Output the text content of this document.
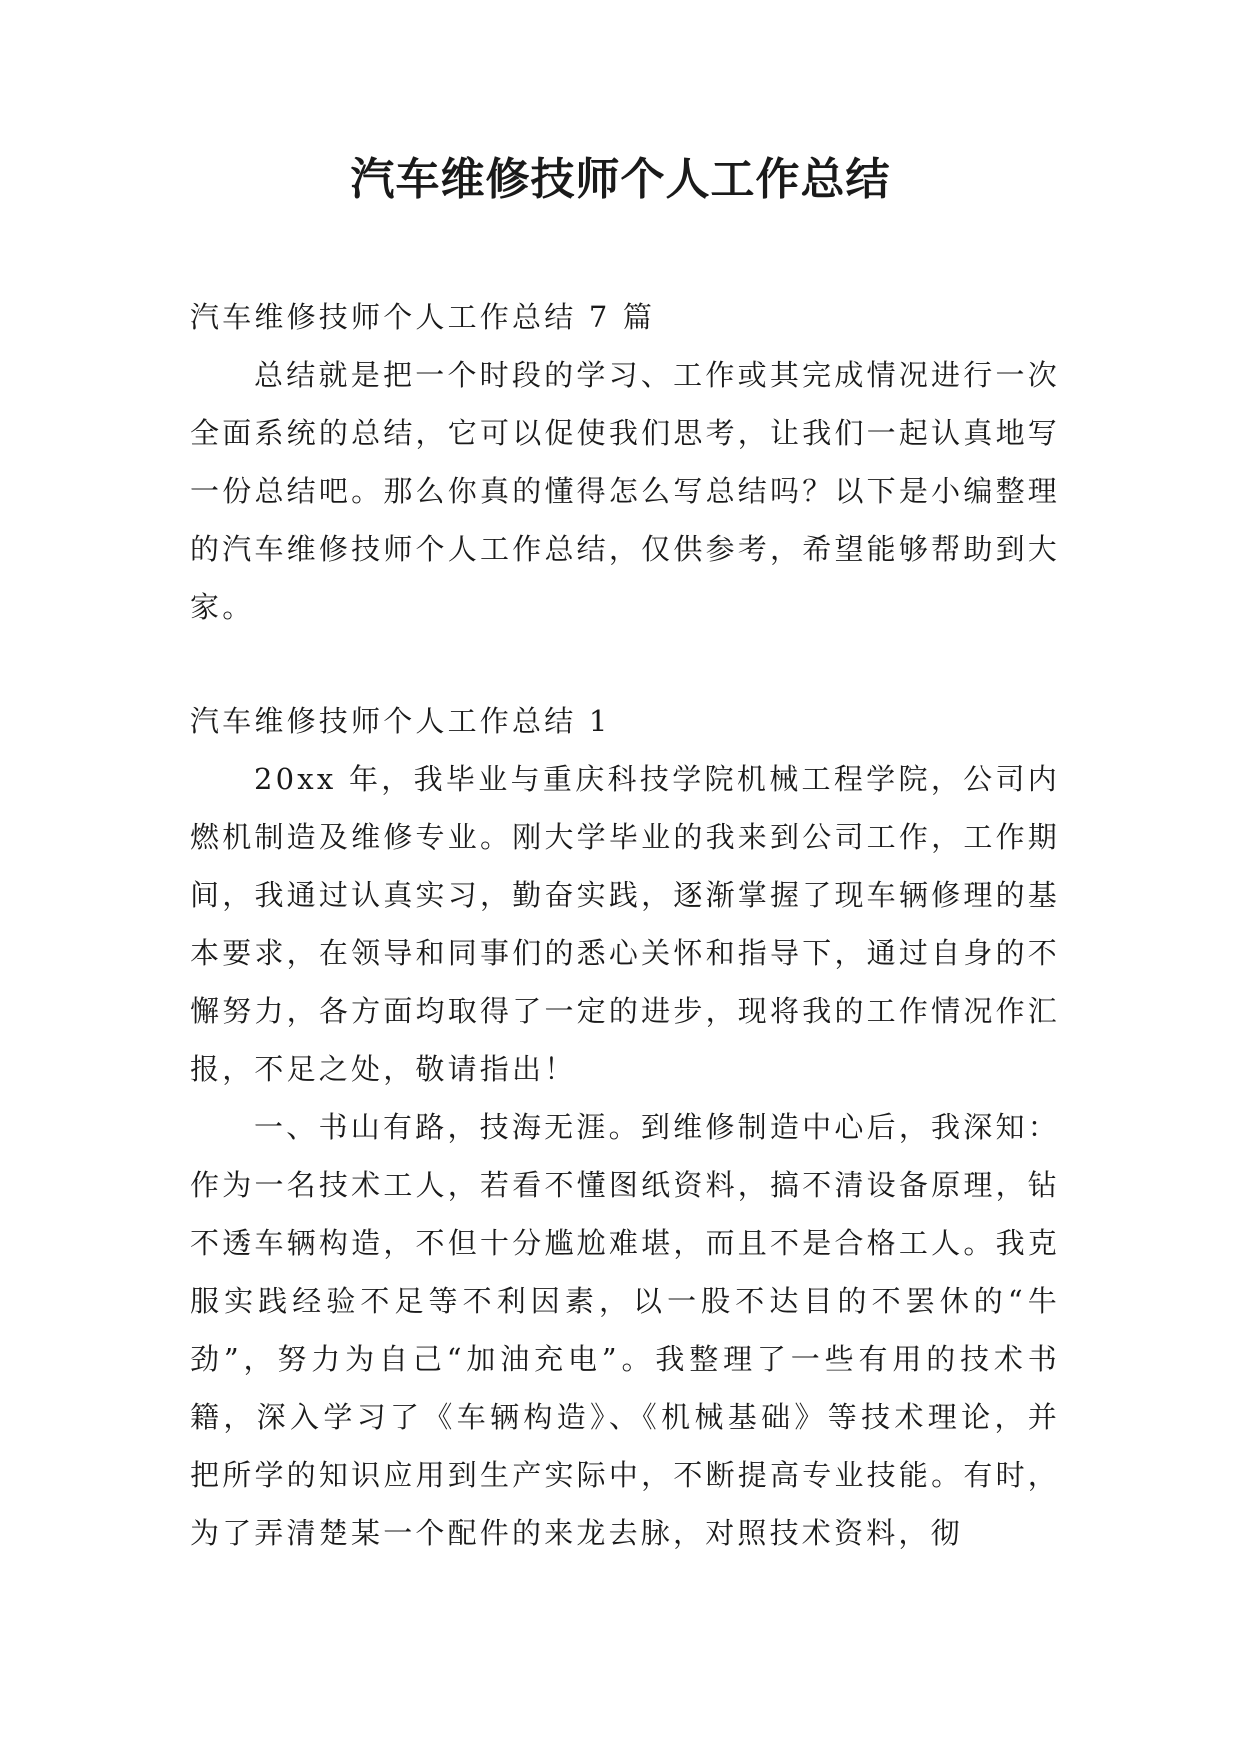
汽车维修技师个人工作总结

汽车维修技师个人工作总结 7 篇

总结就是把一个时段的学习、工作或其完成情况进行一次全面系统的总结，它可以促使我们思考，让我们一起认真地写一份总结吧。那么你真的懂得怎么写总结吗？以下是小编整理的汽车维修技师个人工作总结，仅供参考，希望能够帮助到大家。

汽车维修技师个人工作总结 1

20xx 年，我毕业与重庆科技学院机械工程学院，公司内燃机制造及维修专业。刚大学毕业的我来到公司工作，工作期间，我通过认真实习，勤奋实践，逐渐掌握了现车辆修理的基本要求，在领导和同事们的悉心关怀和指导下，通过自身的不懈努力，各方面均取得了一定的进步，现将我的工作情况作汇报，不足之处，敬请指出！

一、书山有路，技海无涯。到维修制造中心后，我深知：作为一名技术工人，若看不懂图纸资料，搞不清设备原理，钻不透车辆构造，不但十分尴尬难堪，而且不是合格工人。我克服实践经验不足等不利因素，以一股不达目的不罢休的“牛劲”，努力为自己“加油充电”。我整理了一些有用的技术书籍，深入学习了《车辆构造》、《机械基础》等技术理论，并把所学的知识应用到生产实际中，不断提高专业技能。有时，为了弄清楚某一个配件的来龙去脉，对照技术资料，彻
